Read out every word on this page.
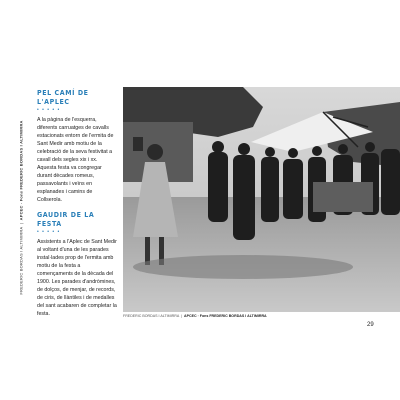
FREDERIC BORDAS I ALTIMIRRA  |  APCEC · Fons FREDERIC BORDAS I ALTIMIRRA
PEL CAMÍ DE L'APLEC
• • • • •

A la pàgina de l'esquerra, diferents carruatges de cavalls estacionats entorn de l'ermita de Sant Medir amb motiu de la celebració de la seva festivitat a cavall dels segles xix i xx. Aquesta festa va congregar durant dècades romeus, passavolants i veïns en esplanades i camins de Collserola.

GAUDIR DE LA FESTA
• • • • •

Assistents a l'Aplec de Sant Medir al voltant d'una de les parades instal·lades prop de l'ermita amb motiu de la festa a començaments de la dècada del 1900. Les parades d'andròmines, de dolços, de menjar, de records, de ciris, de llàntiles i de medalles del sant acabaren de completar la festa.	FREDERIC BORDAS I ALTIMIRRA  |  APCEC · Fons FREDERIC BORDAS I ALTIMIRRA
29
